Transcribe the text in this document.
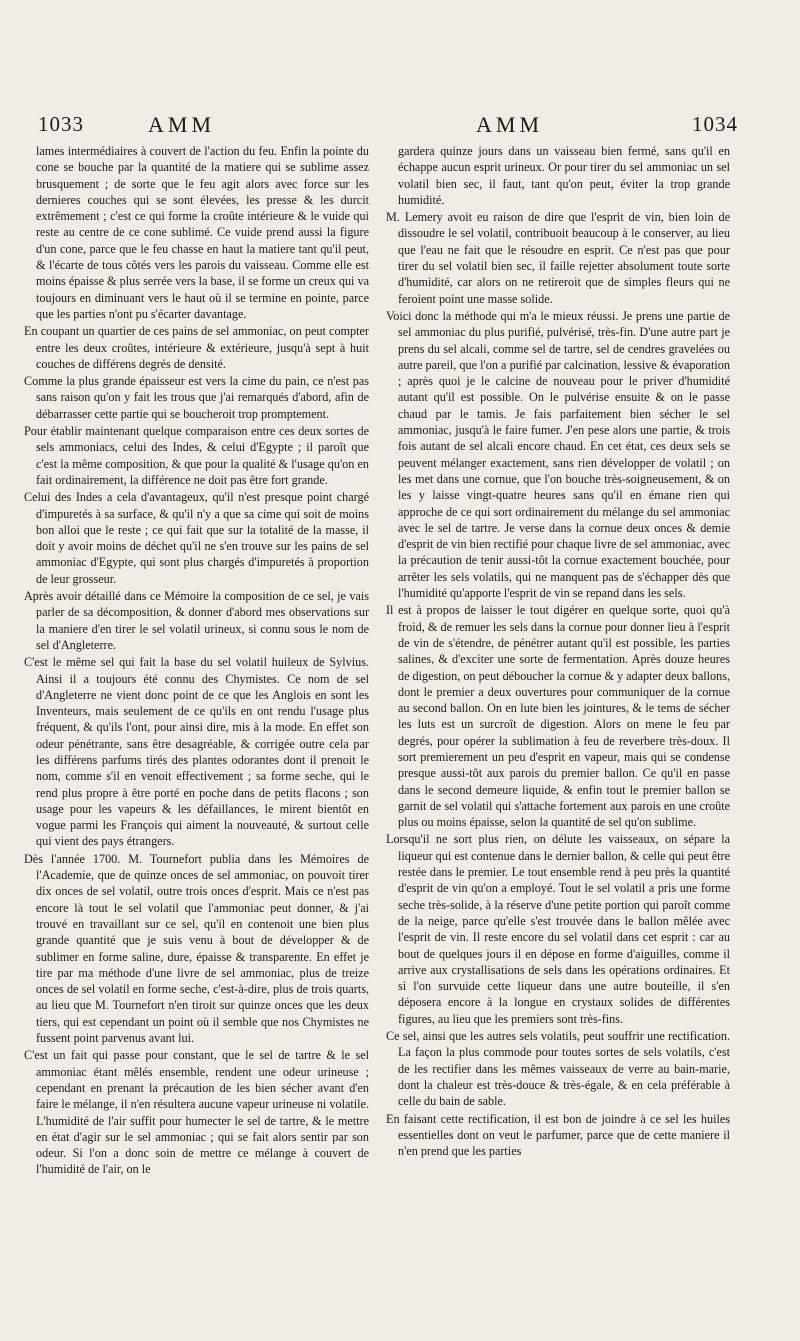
1033	AMM	AMM	1034

lames intermédiaires à couvert de l'action du feu. Enfin la pointe du cone se bouche par la quantité de la matiere qui se sublime assez brusquement ; de sorte que le feu agit alors avec force sur les dernieres couches qui se sont élevées, les presse & les durcit extrêmement ; c'est ce qui forme la croûte intérieure & le vuide qui reste au centre de ce cone sublimé. Ce vuide prend aussi la figure d'un cone, parce que le feu chasse en haut la matiere tant qu'il peut, & l'écarte de tous côtés vers les parois du vaisseau. Comme elle est moins épaisse & plus serrée vers la base, il se forme un creux qui va toujours en diminuant vers le haut où il se termine en pointe, parce que les parties n'ont pu s'écarter davantage.

En coupant un quartier de ces pains de sel ammoniac, on peut compter entre les deux croûtes, intérieure & extérieure, jusqu'à sept à huit couches de différens degrés de densité.

Comme la plus grande épaisseur est vers la cime du pain, ce n'est pas sans raison qu'on y fait les trous que j'ai remarqués d'abord, afin de débarrasser cette partie qui se boucheroit trop promptement.

Pour établir maintenant quelque comparaison entre ces deux sortes de sels ammoniacs, celui des Indes, & celui d'Egypte ; il paroît que c'est la même composition, & que pour la qualité & l'usage qu'on en fait ordinairement, la différence ne doit pas être fort grande.

Celui des Indes a cela d'avantageux, qu'il n'est presque point chargé d'impuretés à sa surface, & qu'il n'y a que sa cime qui soit de moins bon alloi que le reste ; ce qui fait que sur la totalité de la masse, il doit y avoir moins de déchet qu'il ne s'en trouve sur les pains de sel ammoniac d'Egypte, qui sont plus chargés d'impuretés à proportion de leur grosseur.

Après avoir détaillé dans ce Mémoire la composition de ce sel, je vais parler de sa décomposition, & donner d'abord mes observations sur la maniere d'en tirer le sel volatil urineux, si connu sous le nom de sel d'Angleterre.

C'est le même sel qui fait la base du sel volatil huileux de Sylvius. Ainsi il a toujours été connu des Chymistes. Ce nom de sel d'Angleterre ne vient donc point de ce que les Anglois en sont les Inventeurs, mais seulement de ce qu'ils en ont rendu l'usage plus fréquent, & qu'ils l'ont, pour ainsi dire, mis à la mode. En effet son odeur pénétrante, sans être desagréable, & corrigée outre cela par les différens parfums tirés des plantes odorantes dont il prenoit le nom, comme s'il en venoit effectivement ; sa forme seche, qui le rend plus propre à être porté en poche dans de petits flacons ; son usage pour les vapeurs & les défaillances, le mirent bientôt en vogue parmi les François qui aiment la nouveauté, & surtout celle qui vient des pays étrangers.

Dès l'année 1700. M. Tournefort publia dans les Mémoires de l'Academie, que de quinze onces de sel ammoniac, on pouvoit tirer dix onces de sel volatil, outre trois onces d'esprit. Mais ce n'est pas encore là tout le sel volatil que l'ammoniac peut donner, & j'ai trouvé en travaillant sur ce sel, qu'il en contenoit une bien plus grande quantité que je suis venu à bout de développer & de sublimer en forme saline, dure, épaisse & transparente. En effet je tire par ma méthode d'une livre de sel ammoniac, plus de treize onces de sel volatil en forme seche, c'est-à-dire, plus de trois quarts, au lieu que M. Tournefort n'en tiroit sur quinze onces que les deux tiers, qui est cependant un point où il semble que nos Chymistes ne fussent point parvenus avant lui.

C'est un fait qui passe pour constant, que le sel de tartre & le sel ammoniac étant mêlés ensemble, rendent une odeur urineuse ; cependant en prenant la précaution de les bien sécher avant d'en faire le mélange, il n'en résultera aucune vapeur urineuse ni volatile. L'humidité de l'air suffit pour humecter le sel de tartre, & le mettre en état d'agir sur le sel ammoniac ; qui se fait alors sentir par son odeur. Si l'on a donc soin de mettre ce mélange à couvert de l'humidité de l'air, on le

gardera quinze jours dans un vaisseau bien fermé, sans qu'il en échappe aucun esprit urineux. Or pour tirer du sel ammoniac un sel volatil bien sec, il faut, tant qu'on peut, éviter la trop grande humidité.

M. Lemery avoit eu raison de dire que l'esprit de vin, bien loin de dissoudre le sel volatil, contribuoit beaucoup à le conserver, au lieu que l'eau ne fait que le résoudre en esprit. Ce n'est pas que pour tirer du sel volatil bien sec, il faille rejetter absolument toute sorte d'humidité, car alors on ne retireroit que de simples fleurs qui ne feroient point une masse solide.

Voici donc la méthode qui m'a le mieux réussi. Je prens une partie de sel ammoniac du plus purifié, pulvérisé, très-fin. D'une autre part je prens du sel alcali, comme sel de tartre, sel de cendres gravelées ou autre pareil, que l'on a purifié par calcination, lessive & évaporation ; après quoi je le calcine de nouveau pour le priver d'humidité autant qu'il est possible. On le pulvérise ensuite & on le passe chaud par le tamis. Je fais parfaitement bien sécher le sel ammoniac, jusqu'à le faire fumer. J'en pese alors une partie, & trois fois autant de sel alcali encore chaud. En cet état, ces deux sels se peuvent mélanger exactement, sans rien développer de volatil ; on les met dans une cornue, que l'on bouche très-soigneusement, & on les y laisse vingt-quatre heures sans qu'il en émane rien qui approche de ce qui sort ordinairement du mélange du sel ammoniac avec le sel de tartre. Je verse dans la cornue deux onces & demie d'esprit de vin bien rectifié pour chaque livre de sel ammoniac, avec la précaution de tenir aussi-tôt la cornue exactement bouchée, pour arrêter les sels volatils, qui ne manquent pas de s'échapper dès que l'humidité qu'apporte l'esprit de vin se repand dans les sels.

Il est à propos de laisser le tout digérer en quelque sorte, quoi qu'à froid, & de remuer les sels dans la cornue pour donner lieu à l'esprit de vin de s'étendre, de pénétrer autant qu'il est possible, les parties salines, & d'exciter une sorte de fermentation. Après douze heures de digestion, on peut déboucher la cornue & y adapter deux ballons, dont le premier a deux ouvertures pour communiquer de la cornue au second ballon. On en lute bien les jointures, & le tems de sécher les luts est un surcroît de digestion. Alors on mene le feu par degrés, pour opérer la sublimation à feu de reverbere très-doux. Il sort premierement un peu d'esprit en vapeur, mais qui se condense presque aussi-tôt aux parois du premier ballon. Ce qu'il en passe dans le second demeure liquide, & enfin tout le premier ballon se garnit de sel volatil qui s'attache fortement aux parois en une croûte plus ou moins épaisse, selon la quantité de sel qu'on sublime.

Lorsqu'il ne sort plus rien, on délute les vaisseaux, on sépare la liqueur qui est contenue dans le dernier ballon, & celle qui peut être restée dans le premier. Le tout ensemble rend à peu près la quantité d'esprit de vin qu'on a employé. Tout le sel volatil a pris une forme seche très-solide, à la réserve d'une petite portion qui paroît comme de la neige, parce qu'elle s'est trouvée dans le ballon mêlée avec l'esprit de vin. Il reste encore du sel volatil dans cet esprit : car au bout de quelques jours il en dépose en forme d'aiguilles, comme il arrive aux crystallisations de sels dans les opérations ordinaires. Et si l'on survuide cette liqueur dans une autre bouteille, il s'en déposera encore à la longue en crystaux solides de différentes figures, au lieu que les premiers sont très-fins.

Ce sel, ainsi que les autres sels volatils, peut souffrir une rectification. La façon la plus commode pour toutes sortes de sels volatils, c'est de les rectifier dans les mêmes vaisseaux de verre au bain-marie, dont la chaleur est très-douce & très-égale, & en cela préférable à celle du bain de sable.

En faisant cette rectification, il est bon de joindre à ce sel les huiles essentielles dont on veut le parfumer, parce que de cette maniere il n'en prend que les parties
